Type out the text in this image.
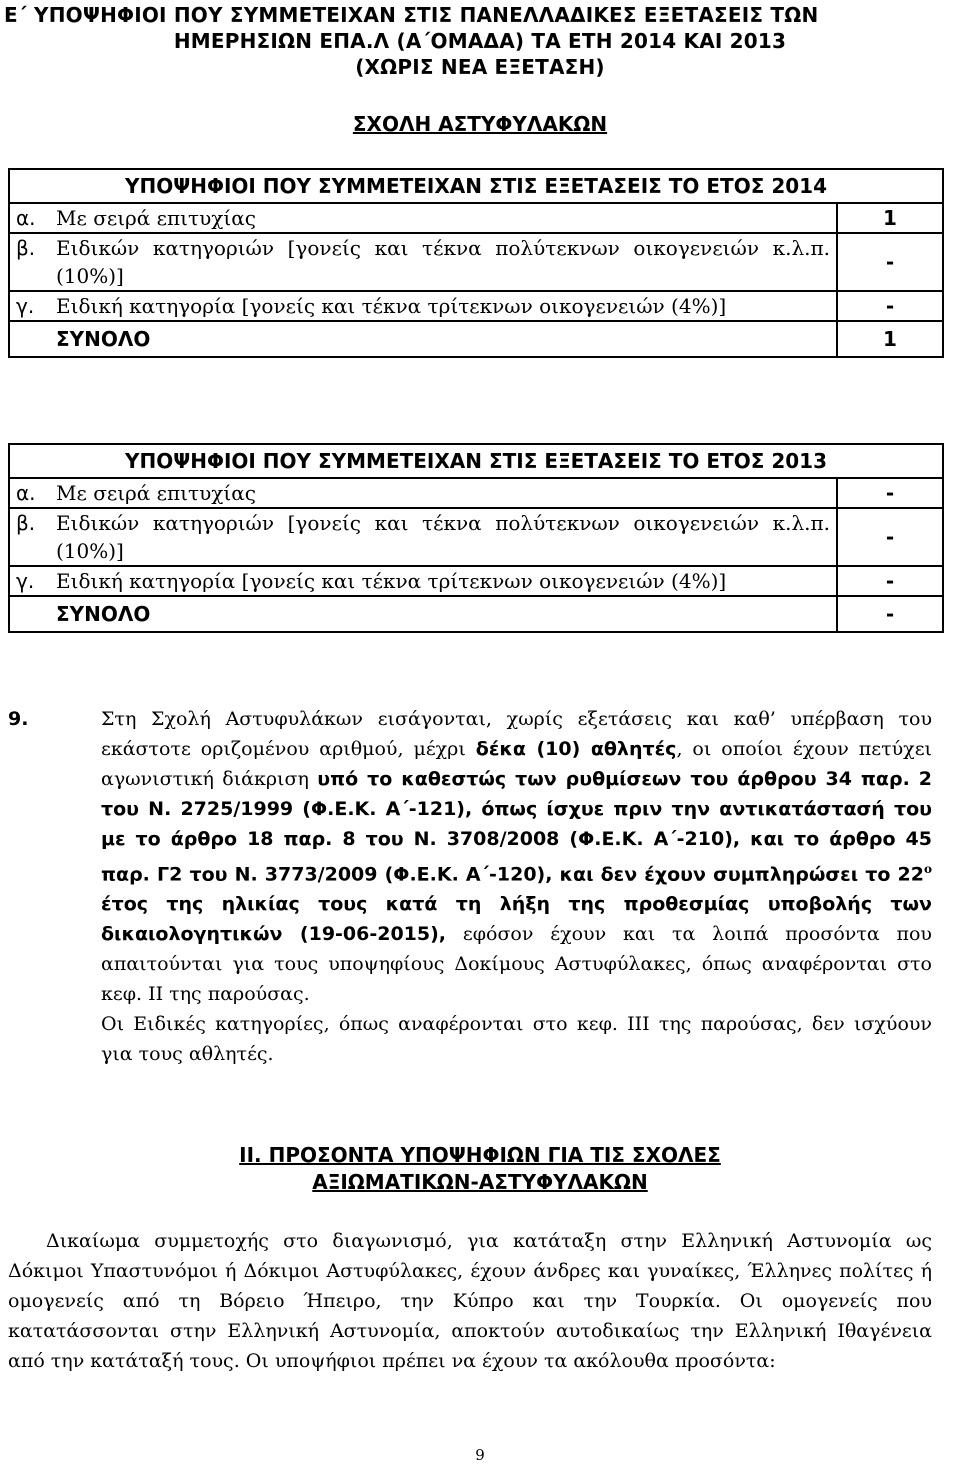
Ε΄ ΥΠΟΨΗΦΙΟΙ ΠΟΥ ΣΥΜΜΕΤΕΙΧΑΝ ΣΤΙΣ ΠΑΝΕΛΛΑΔΙΚΕΣ ΕΞΕΤΑΣΕΙΣ ΤΩΝ
ΗΜΕΡΗΣΙΩΝ ΕΠΑ.Λ (Α΄ΟΜΑΔΑ) ΤΑ ΕΤΗ 2014 ΚΑΙ 2013
(ΧΩΡΙΣ ΝΕΑ ΕΞΕΤΑΣΗ)
ΣΧΟΛΗ ΑΣΤΥΦΥΛΑΚΩΝ
ΥΠΟΨΗΦΙΟΙ ΠΟΥ ΣΥΜΜΕΤΕΙΧΑΝ ΣΤΙΣ ΕΞΕΤΑΣΕΙΣ ΤΟ ΕΤΟΣ 2014		
α.	Με σειρά επιτυχίας	1
β.	Ειδικών κατηγοριών [γονείς και τέκνα πολύτεκνων οικογενειών κ.λ.π. (10%)]	-
γ.	Ειδική κατηγορία [γονείς και τέκνα τρίτεκνων οικογενειών (4%)]	-
	ΣΥΝΟΛΟ	1
ΥΠΟΨΗΦΙΟΙ ΠΟΥ ΣΥΜΜΕΤΕΙΧΑΝ ΣΤΙΣ ΕΞΕΤΑΣΕΙΣ ΤΟ ΕΤΟΣ 2013		
α.	Με σειρά επιτυχίας	-
β.	Ειδικών κατηγοριών [γονείς και τέκνα πολύτεκνων οικογενειών κ.λ.π. (10%)]	-
γ.	Ειδική κατηγορία [γονείς και τέκνα τρίτεκνων οικογενειών (4%)]	-
	ΣΥΝΟΛΟ	-
9.	Στη Σχολή Αστυφυλάκων εισάγονται, χωρίς εξετάσεις και καθ’ υπέρβαση του εκάστοτε οριζομένου αριθμού, μέχρι δέκα (10) αθλητές, οι οποίοι έχουν πετύχει αγωνιστική διάκριση υπό το καθεστώς των ρυθμίσεων του άρθρου 34 παρ. 2 του Ν. 2725/1999 (Φ.Ε.Κ. Α΄-121), όπως ίσχυε πριν την αντικατάστασή του με το άρθρο 18 παρ. 8 του Ν. 3708/2008 (Φ.Ε.Κ. Α΄-210), και το άρθρο 45 παρ. Γ2 του Ν. 3773/2009 (Φ.Ε.Κ. Α΄-120), και δεν έχουν συμπληρώσει το $22^o$ έτος της ηλικίας τους κατά τη λήξη της προθεσμίας υποβολής των δικαιολογητικών (19-06-2015), εφόσον έχουν και τα λοιπά προσόντα που απαιτούνται για τους υποψηφίους Δοκίμους Αστυφύλακες, όπως αναφέρονται στο κεφ. II της παρούσας.
Οι Ειδικές κατηγορίες, όπως αναφέρονται στο κεφ. III της παρούσας, δεν ισχύουν για τους αθλητές.
ΙΙ. ΠΡΟΣΟΝΤΑ ΥΠΟΨΗΦΙΩΝ ΓΙΑ ΤΙΣ ΣΧΟΛΕΣ
ΑΞΙΩΜΑΤΙΚΩΝ-ΑΣΤΥΦΥΛΑΚΩΝ
Δικαίωμα συμμετοχής στο διαγωνισμό, για κατάταξη στην Ελληνική Αστυνομία ως Δόκιμοι Υπαστυνόμοι ή Δόκιμοι Αστυφύλακες, έχουν άνδρες και γυναίκες, Έλληνες πολίτες ή ομογενείς από τη Βόρειο Ήπειρο, την Κύπρο και την Τουρκία. Οι ομογενείς που κατατάσσονται στην Ελληνική Αστυνομία, αποκτούν αυτοδικαίως την Ελληνική Ιθαγένεια από την κατάταξή τους. Οι υποψήφιοι πρέπει να έχουν τα ακόλουθα προσόντα:
9
